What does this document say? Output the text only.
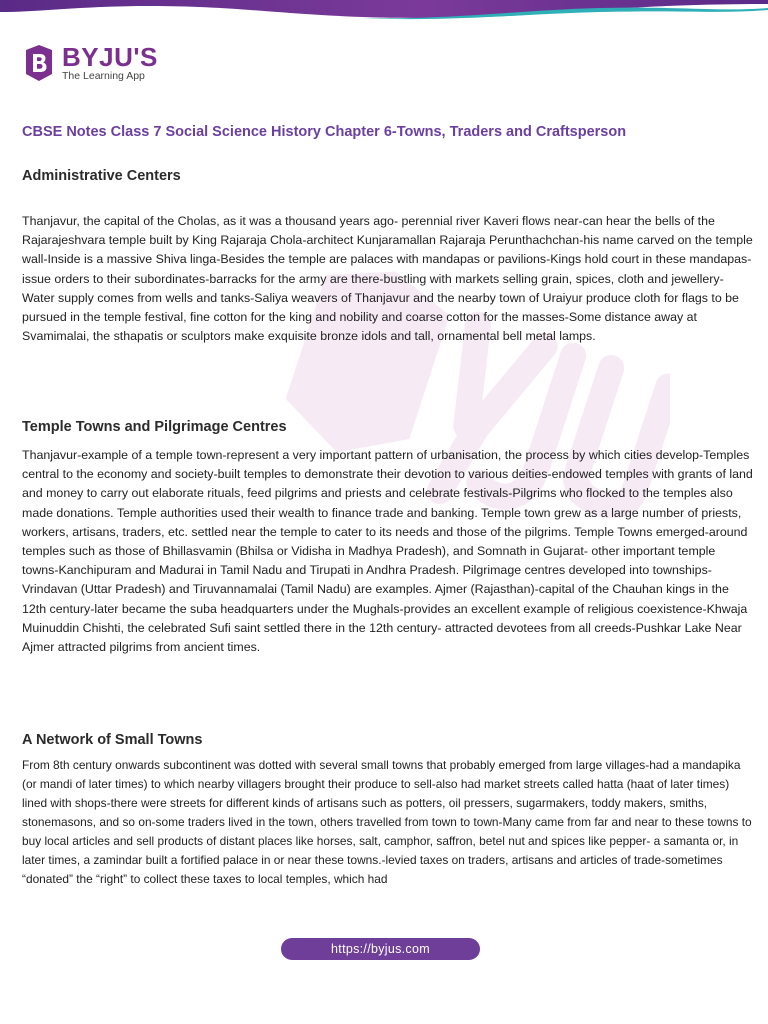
BYJU'S
The Learning App
CBSE Notes Class 7 Social Science History Chapter 6-Towns, Traders and Craftsperson
Administrative Centers

Thanjavur, the capital of the Cholas, as it was a thousand years ago- perennial river Kaveri flows near-can hear the bells of the Rajarajeshvara temple built by King Rajaraja Chola-architect Kunjaramallan Rajaraja Perunthachchan-his name carved on the temple wall-Inside is a massive Shiva linga-Besides the temple are palaces with mandapas or pavilions-Kings hold court in these mandapas- issue orders to their subordinates-barracks for the army are there-bustling with markets selling grain, spices, cloth and jewellery-Water supply comes from wells and tanks-Saliya weavers of Thanjavur and the nearby town of Uraiyur produce cloth for flags to be pursued in the temple festival, fine cotton for the king and nobility and coarse cotton for the masses-Some distance away at Svamimalai, the sthapatis or sculptors make exquisite bronze idols and tall, ornamental bell metal lamps.

Temple Towns and Pilgrimage Centres

Thanjavur-example of a temple town-represent a very important pattern of urbanisation, the process by which cities develop-Temples central to the economy and society-built temples to demonstrate their devotion to various deities-endowed temples with grants of land and money to carry out elaborate rituals, feed pilgrims and priests and celebrate festivals-Pilgrims who flocked to the temples also made donations. Temple authorities used their wealth to finance trade and banking. Temple town grew as a large number of priests, workers, artisans, traders, etc. settled near the temple to cater to its needs and those of the pilgrims. Temple Towns emerged-around temples such as those of Bhillasvamin (Bhilsa or Vidisha in Madhya Pradesh), and Somnath in Gujarat- other important temple towns-Kanchipuram and Madurai in Tamil Nadu and Tirupati in Andhra Pradesh. Pilgrimage centres developed into townships-Vrindavan (Uttar Pradesh) and Tiruvannamalai (Tamil Nadu) are examples. Ajmer (Rajasthan)-capital of the Chauhan kings in the 12th century-later became the suba headquarters under the Mughals-provides an excellent example of religious coexistence-Khwaja Muinuddin Chishti, the celebrated Sufi saint settled there in the 12th century- attracted devotees from all creeds-Pushkar Lake Near Ajmer attracted pilgrims from ancient times.

A Network of Small Towns

From 8th century onwards subcontinent was dotted with several small towns that probably emerged from large villages-had a mandapika (or mandi of later times) to which nearby villagers brought their produce to sell-also had market streets called hatta (haat of later times) lined with shops-there were streets for different kinds of artisans such as potters, oil pressers, sugarmakers, toddy makers, smiths, stonemasons, and so on-some traders lived in the town, others travelled from town to town-Many came from far and near to these towns to buy local articles and sell products of distant places like horses, salt, camphor, saffron, betel nut and spices like pepper- a samanta or, in later times, a zamindar built a fortified palace in or near these towns.-levied taxes on traders, artisans and articles of trade-sometimes “donated” the “right” to collect these taxes to local temples, which had

https://byjus.com
